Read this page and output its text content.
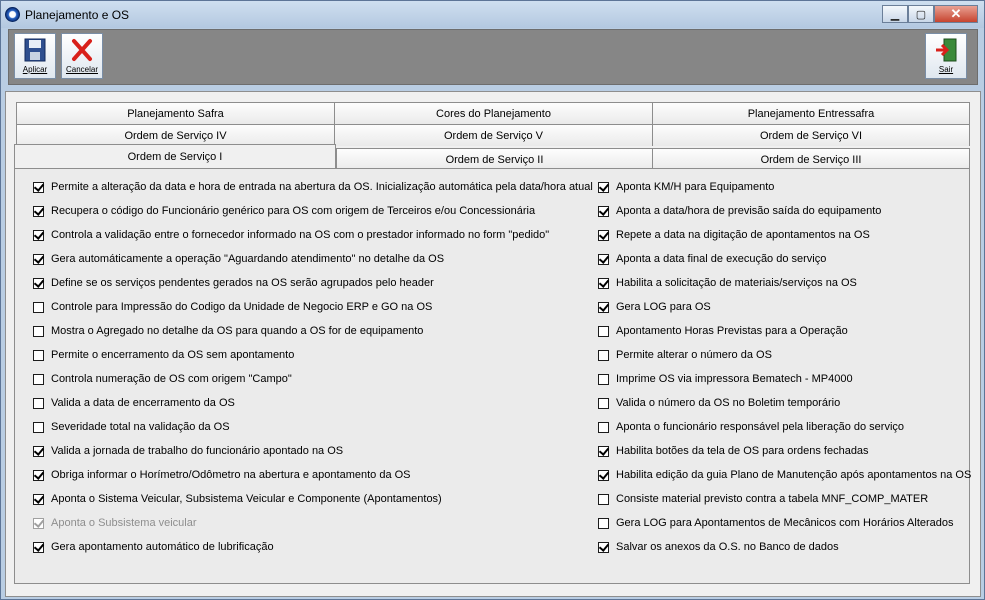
Planejamento e OS	▁ ▢ ✕
Aplicar	Cancelar	Sair
Planejamento Safra	Cores do Planejamento	Planejamento Entressafra
Ordem de Serviço IV	Ordem de Serviço V	Ordem de Serviço VI
Ordem de Serviço I	Ordem de Serviço II	Ordem de Serviço III
Permite a alteração da data e hora de entrada na abertura da OS. Inicialização automática pela data/hora atual
Recupera o código do Funcionário genérico para OS com origem de Terceiros e/ou Concessionária
Controla a validação entre o fornecedor informado na OS com o prestador informado no form "pedido"
Gera automáticamente a operação "Aguardando atendimento" no detalhe da OS
Define se os serviços pendentes gerados na OS serão agrupados pelo header
Controle para Impressão do Codigo da Unidade de Negocio ERP e GO na OS
Mostra o Agregado no detalhe da OS para quando a OS for de equipamento
Permite o encerramento da OS sem apontamento
Controla numeração de OS com origem "Campo"
Valida a data de encerramento da OS
Severidade total na validação da OS
Valida a jornada de trabalho do funcionário apontado na OS
Obriga informar o Horímetro/Odômetro na abertura e apontamento da OS
Aponta o Sistema Veicular, Subsistema Veicular e Componente (Apontamentos)
Aponta o Subsistema veicular
Gera apontamento automático de lubrificação
Aponta KM/H para Equipamento
Aponta a data/hora de previsão saída do equipamento
Repete a data na digitação de apontamentos na OS
Aponta a data final de execução do serviço
Habilita a solicitação de materiais/serviços na OS
Gera LOG para OS
Apontamento Horas Previstas para a Operação
Permite alterar o número da OS
Imprime OS via impressora Bematech - MP4000
Valida o número da OS no Boletim temporário
Aponta o funcionário responsável pela liberação do serviço
Habilita botões da tela de OS para ordens fechadas
Habilita edição da guia Plano de Manutenção após apontamentos na OS
Consiste material previsto contra a tabela MNF_COMP_MATER
Gera LOG para Apontamentos de Mecânicos com Horários Alterados
Salvar os anexos da O.S. no Banco de dados
